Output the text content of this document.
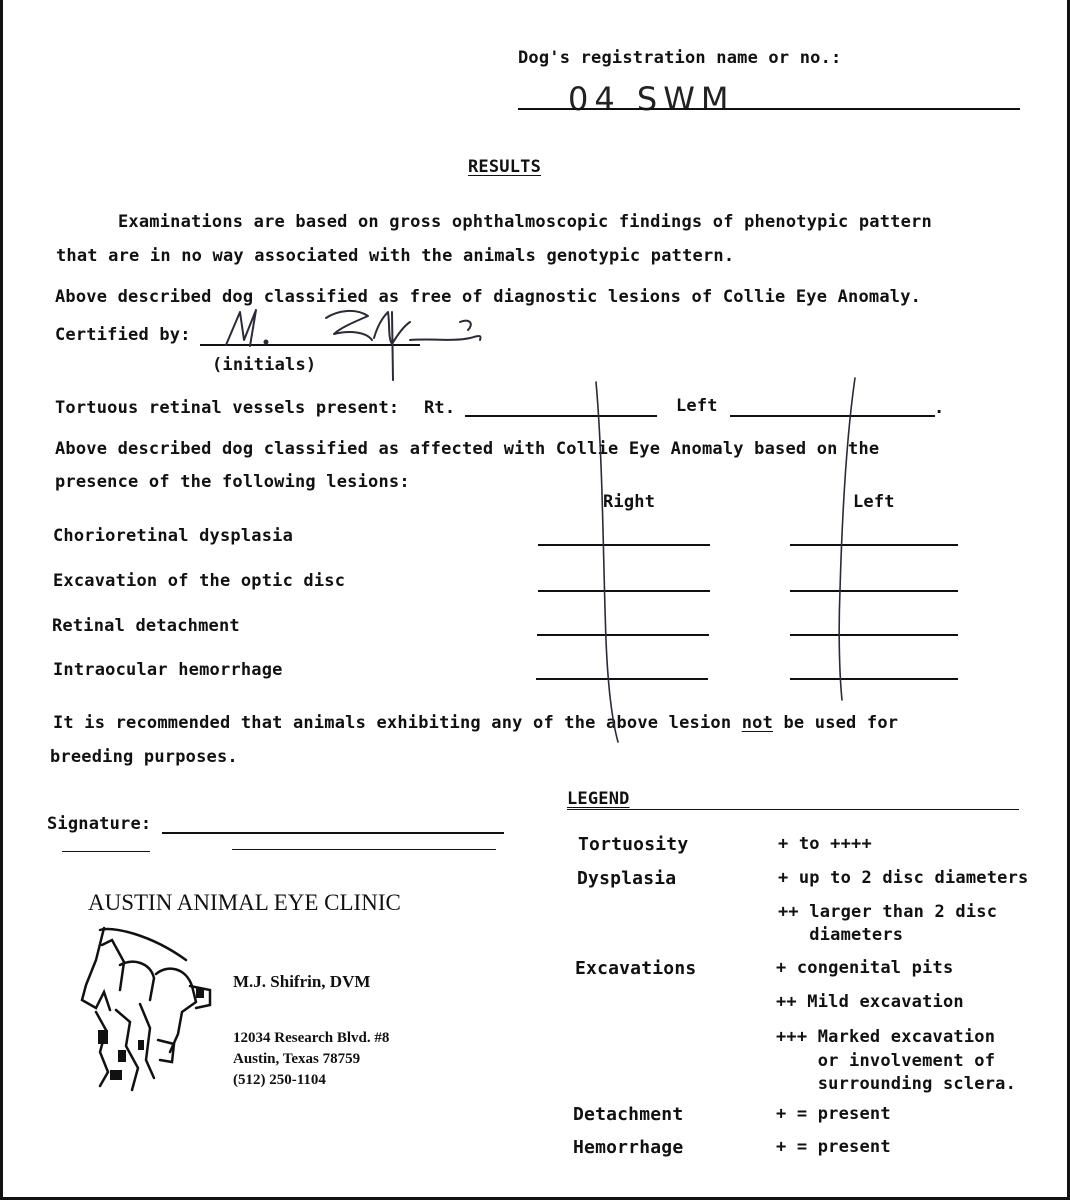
Dog's registration name or no.:
04 SWM
RESULTS
Examinations are based on gross ophthalmoscopic findings of phenotypic pattern
that are in no way associated with the animals genotypic pattern.
Above described dog classified as free of diagnostic lesions of Collie Eye Anomaly.
Certified by:
(initials)
Tortuous retinal vessels present: Rt.	Left	.
Above described dog classified as affected with Collie Eye Anomaly based on the
presence of the following lesions:
Right	Left
Chorioretinal dysplasia
Excavation of the optic disc
Retinal detachment
Intraocular hemorrhage
It is recommended that animals exhibiting any of the above lesion not be used for
breeding purposes.
Signature:
AUSTIN ANIMAL EYE CLINIC
M.J. Shifrin, DVM
12034 Research Blvd. #8
Austin, Texas 78759
(512) 250-1104
LEGEND
Tortuosity	+ to ++++
Dysplasia	+ up to 2 disc diameters
++ larger than 2 disc
diameters
Excavations	+ congenital pits
++ Mild excavation
+++ Marked excavation
or involvement of
surrounding sclera.
Detachment	+ = present
Hemorrhage	+ = present
